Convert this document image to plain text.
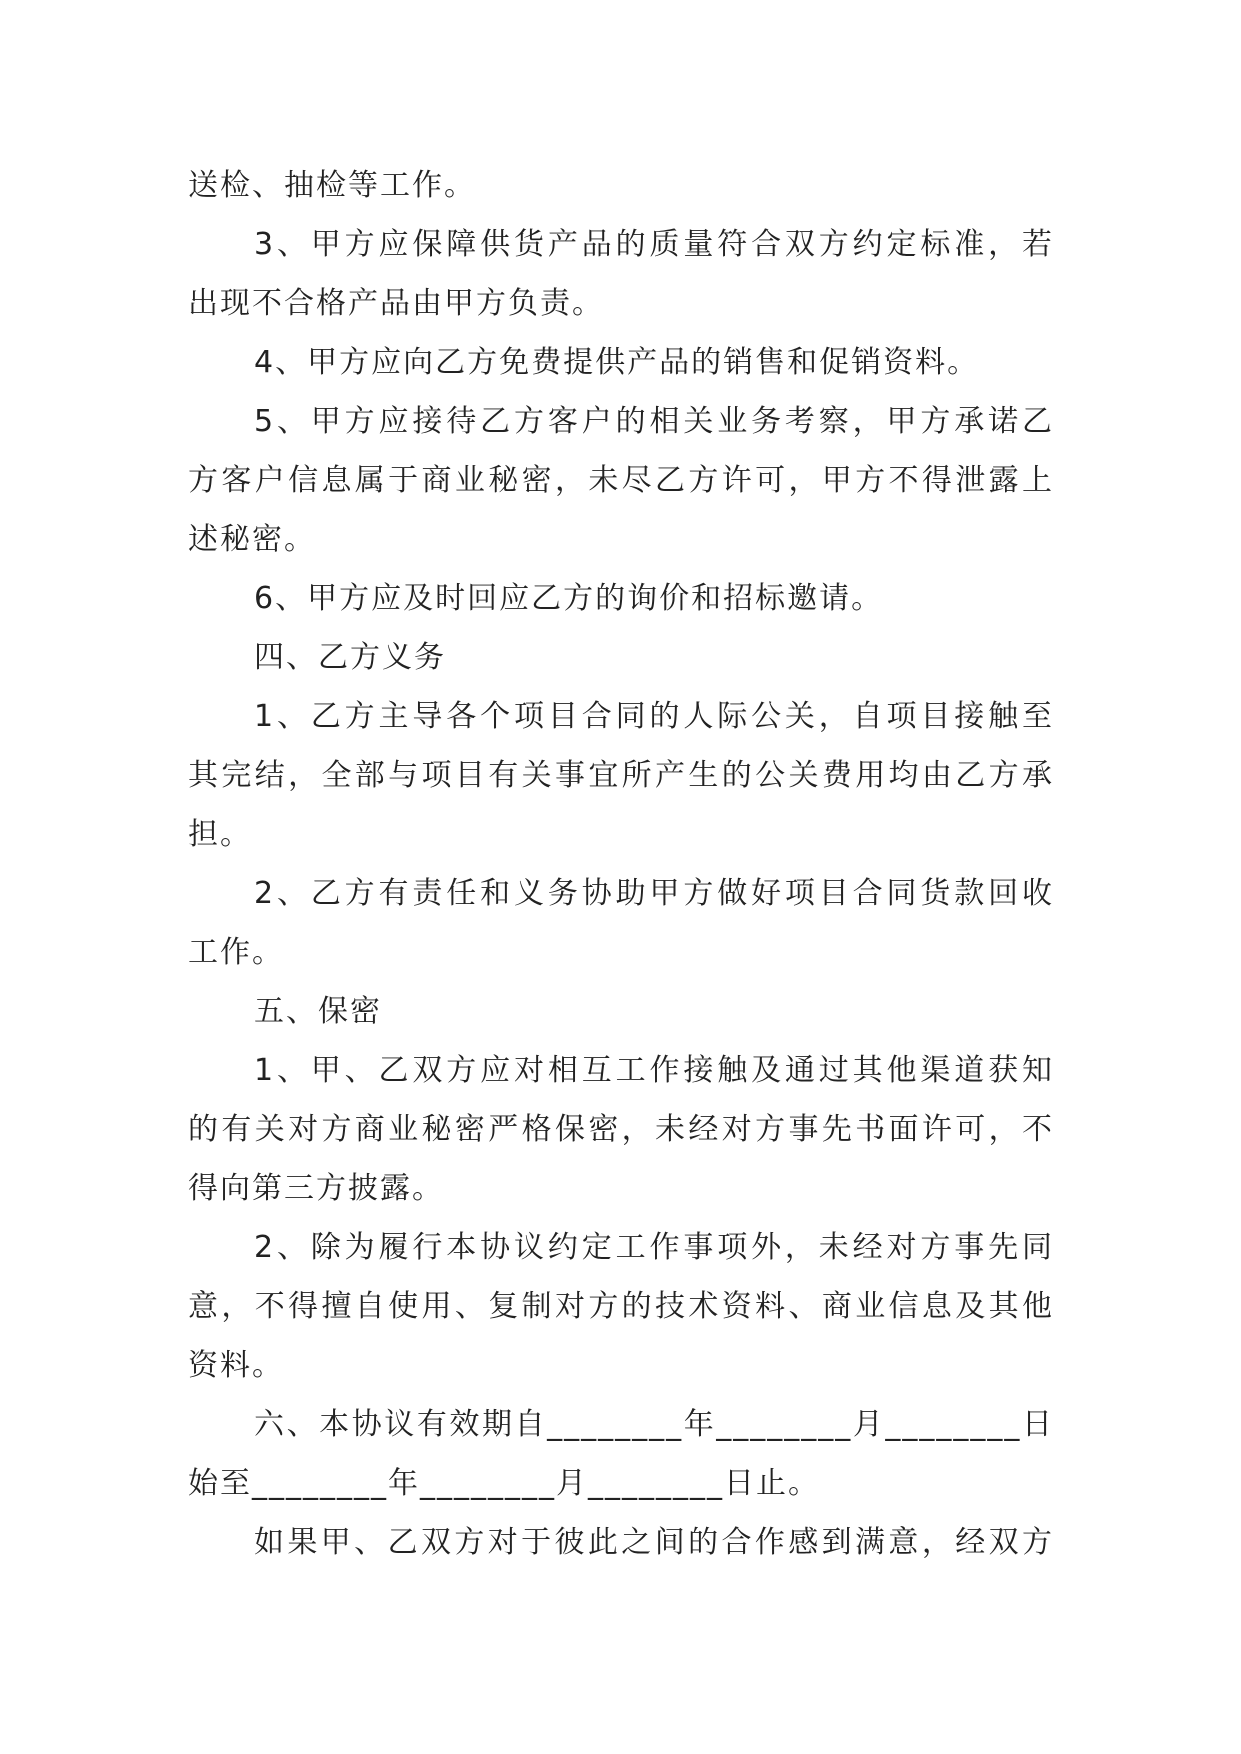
送检、抽检等工作。

3、甲方应保障供货产品的质量符合双方约定标准，若

出现不合格产品由甲方负责。

4、甲方应向乙方免费提供产品的销售和促销资料。

5、甲方应接待乙方客户的相关业务考察，甲方承诺乙

方客户信息属于商业秘密，未尽乙方许可，甲方不得泄露上

述秘密。

6、甲方应及时回应乙方的询价和招标邀请。

四、乙方义务

1、乙方主导各个项目合同的人际公关，自项目接触至

其完结，全部与项目有关事宜所产生的公关费用均由乙方承

担。

2、乙方有责任和义务协助甲方做好项目合同货款回收

工作。

五、保密

1、甲、乙双方应对相互工作接触及通过其他渠道获知

的有关对方商业秘密严格保密，未经对方事先书面许可，不

得向第三方披露。

2、除为履行本协议约定工作事项外，未经对方事先同

意，不得擅自使用、复制对方的技术资料、商业信息及其他

资料。

六、本协议有效期自________年________月________日

始至________年________月________日止。

如果甲、乙双方对于彼此之间的合作感到满意，经双方
